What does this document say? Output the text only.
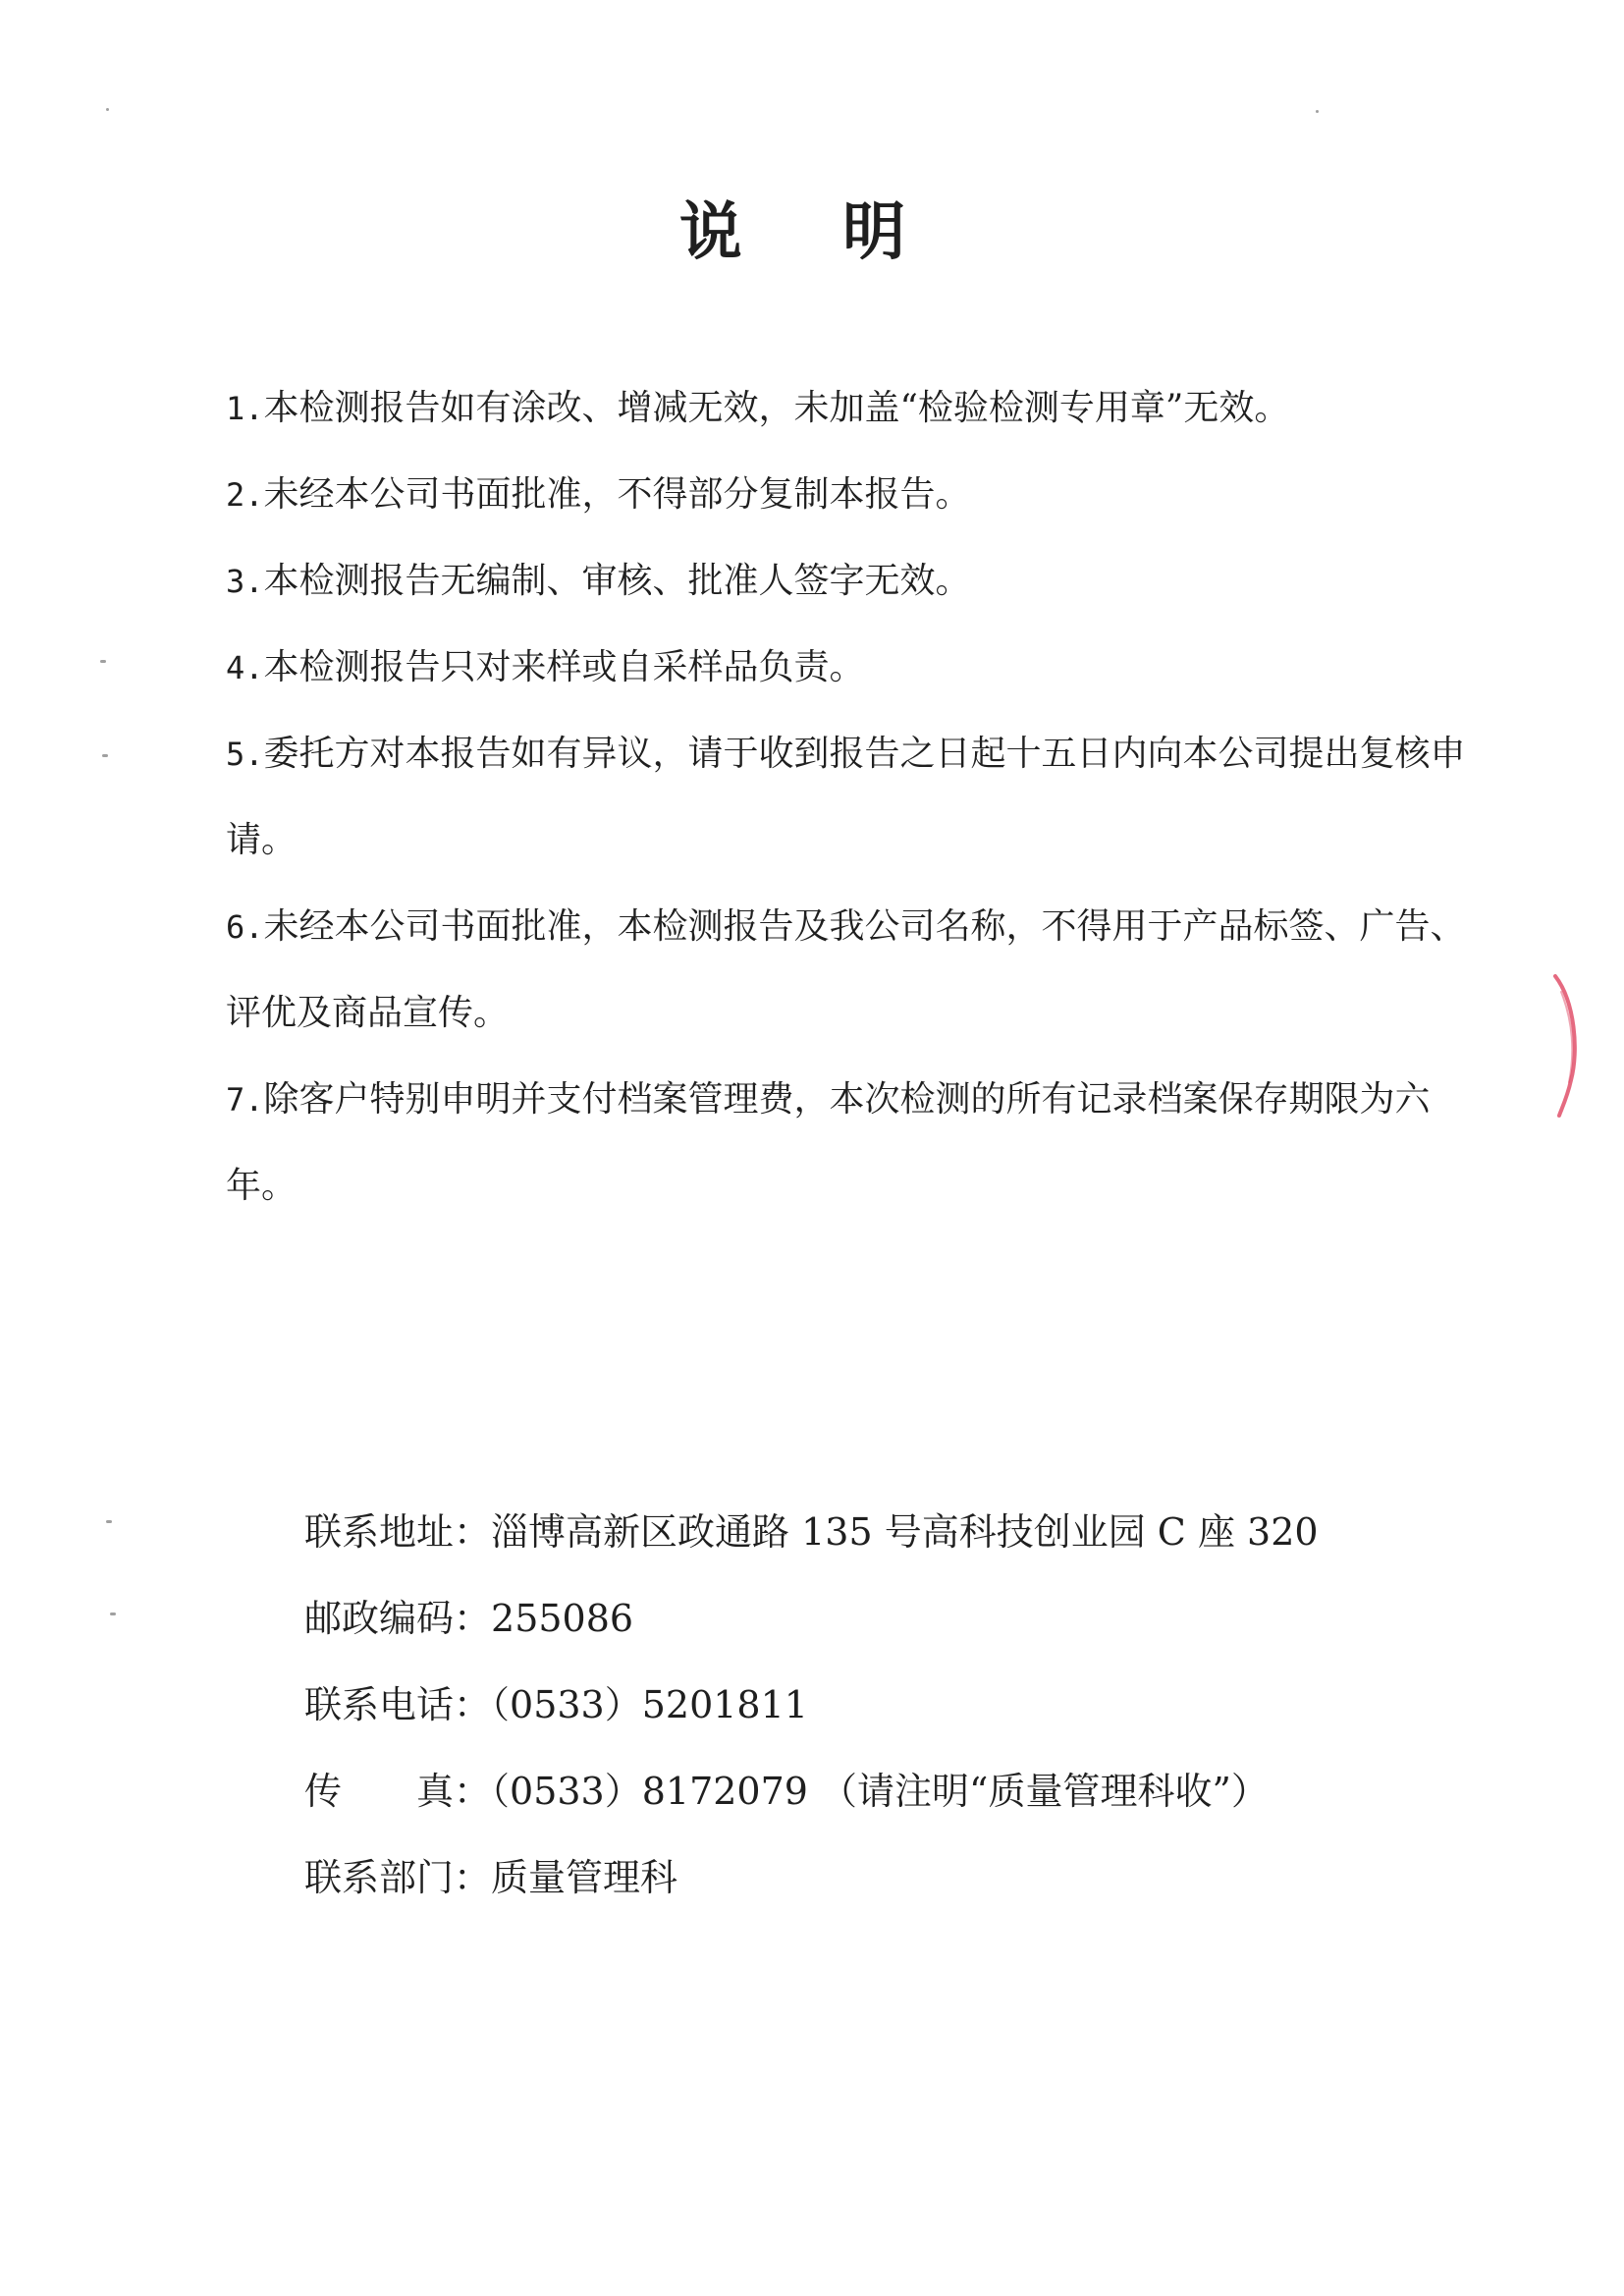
说 明

1.本检测报告如有涂改、增减无效，未加盖“检验检测专用章”无效。

2.未经本公司书面批准，不得部分复制本报告。

3.本检测报告无编制、审核、批准人签字无效。

4.本检测报告只对来样或自采样品负责。

5.委托方对本报告如有异议，请于收到报告之日起十五日内向本公司提出复核申请。

6.未经本公司书面批准，本检测报告及我公司名称，不得用于产品标签、广告、评优及商品宣传。

7.除客户特别申明并支付档案管理费，本次检测的所有记录档案保存期限为六年。

联系地址：淄博高新区政通路 135 号高科技创业园 C 座 320
邮政编码：255086
联系电话：（0533）5201811
传　　真：（0533）8172079 （请注明“质量管理科收”）
联系部门：质量管理科
